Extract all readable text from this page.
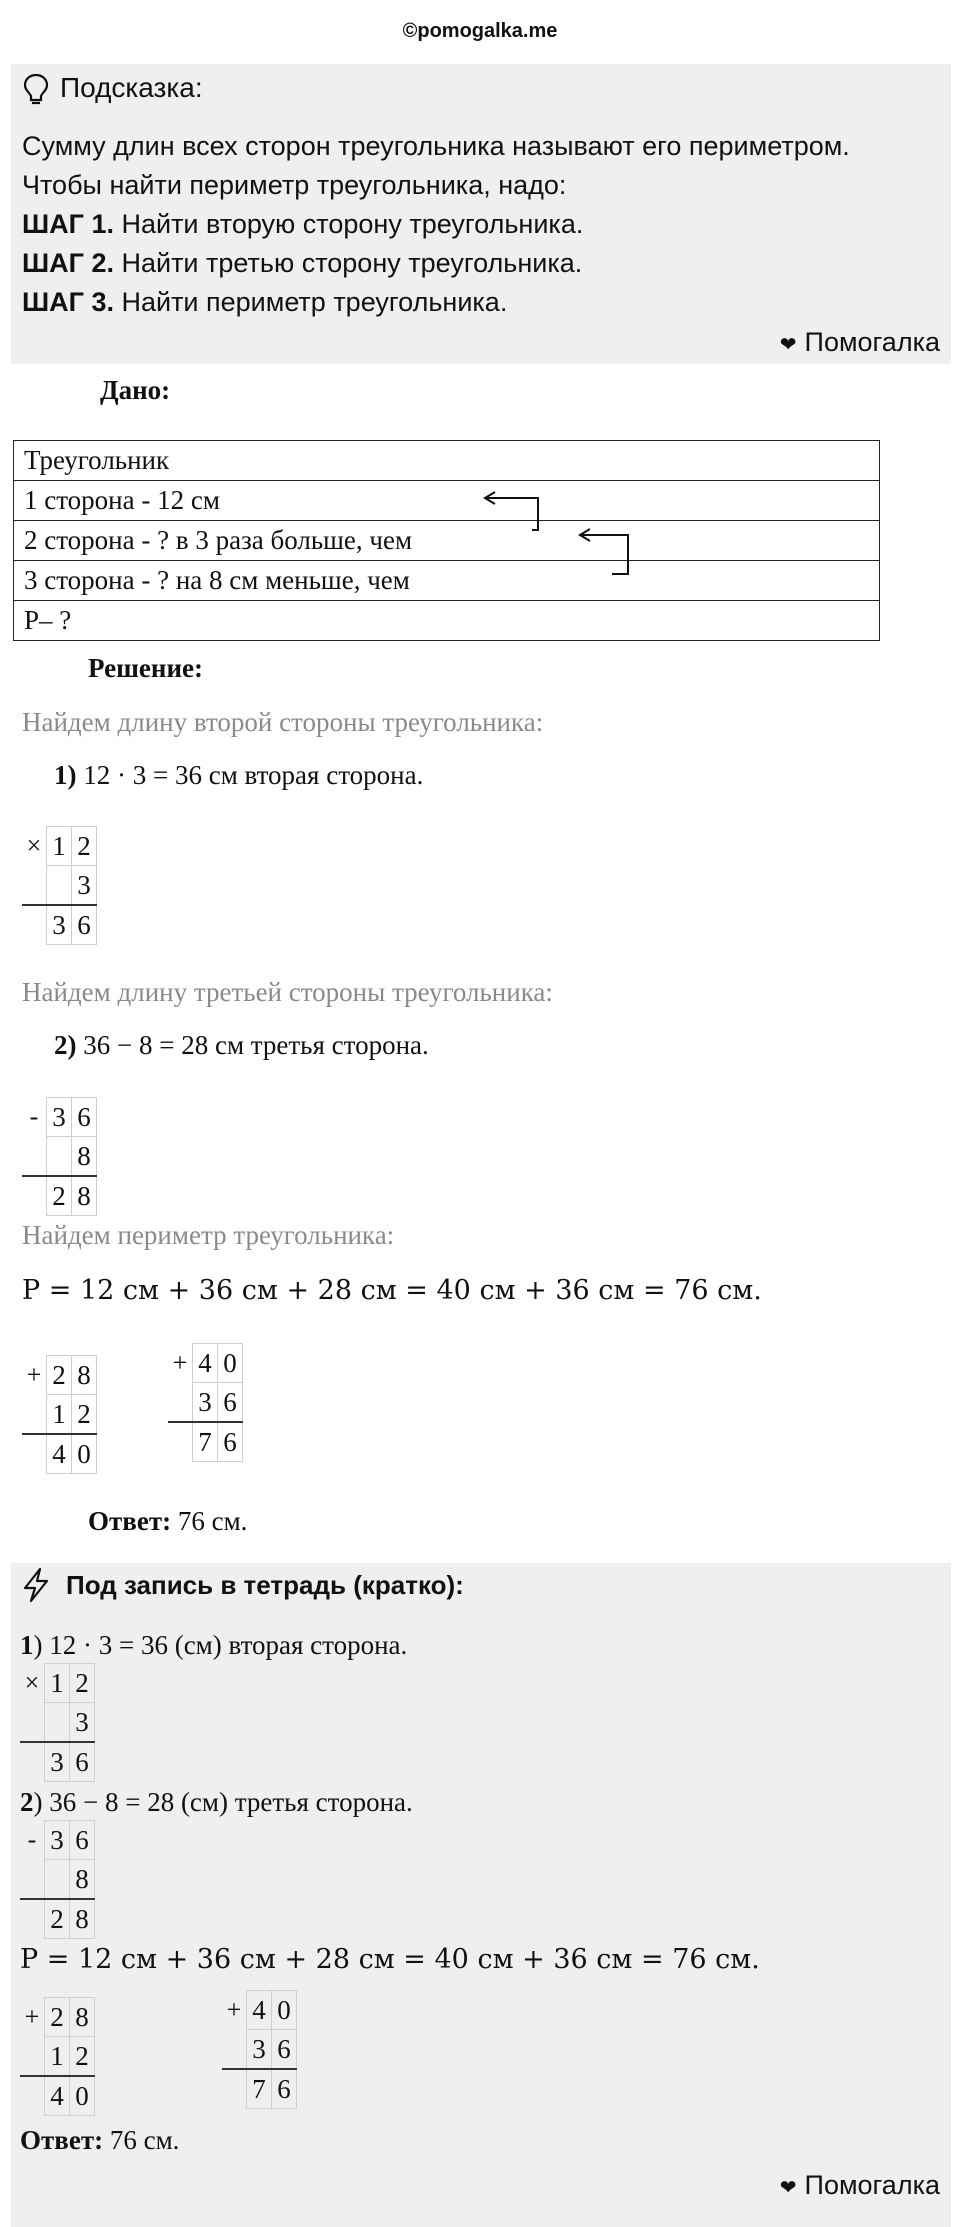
©pomogalka.me
Подсказка:
Сумму длин всех сторон треугольника называют его периметром.
Чтобы найти периметр треугольника, надо:
ШАГ 1. Найти вторую сторону треугольника.
ШАГ 2. Найти третью сторону треугольника.
ШАГ 3. Найти периметр треугольника.
❤ Помогалка
Дано:
Треугольник
1 сторона - 12 см
2 сторона - ? в 3 раза больше, чем
3 сторона - ? на 8 см меньше, чем
Р– ?
Решение:
Найдем длину второй стороны треугольника:
1) 12 · 3 = 36 см вторая сторона.
×	1	2
		3
	3	6
Найдем длину третьей стороны треугольника:
2) 36 − 8 = 28 см третья сторона.
-	3	6
		8
	2	8
Найдем периметр треугольника:
Р = 12 см + 36 см + 28 см = 40 см + 36 см = 76 см.
+	2	8
	1	2
	4	0
+	4	0
	3	6
	7	6
Ответ: 76 см.
Под запись в тетрадь (кратко):
1) 12 · 3 = 36 (см) вторая сторона.
×	1	2
		3
	3	6
2) 36 − 8 = 28 (см) третья сторона.
-	3	6
		8
	2	8
Р = 12 см + 36 см + 28 см = 40 см + 36 см = 76 см.
+	2	8
	1	2
	4	0
+	4	0
	3	6
	7	6
Ответ: 76 см.
❤ Помогалка
